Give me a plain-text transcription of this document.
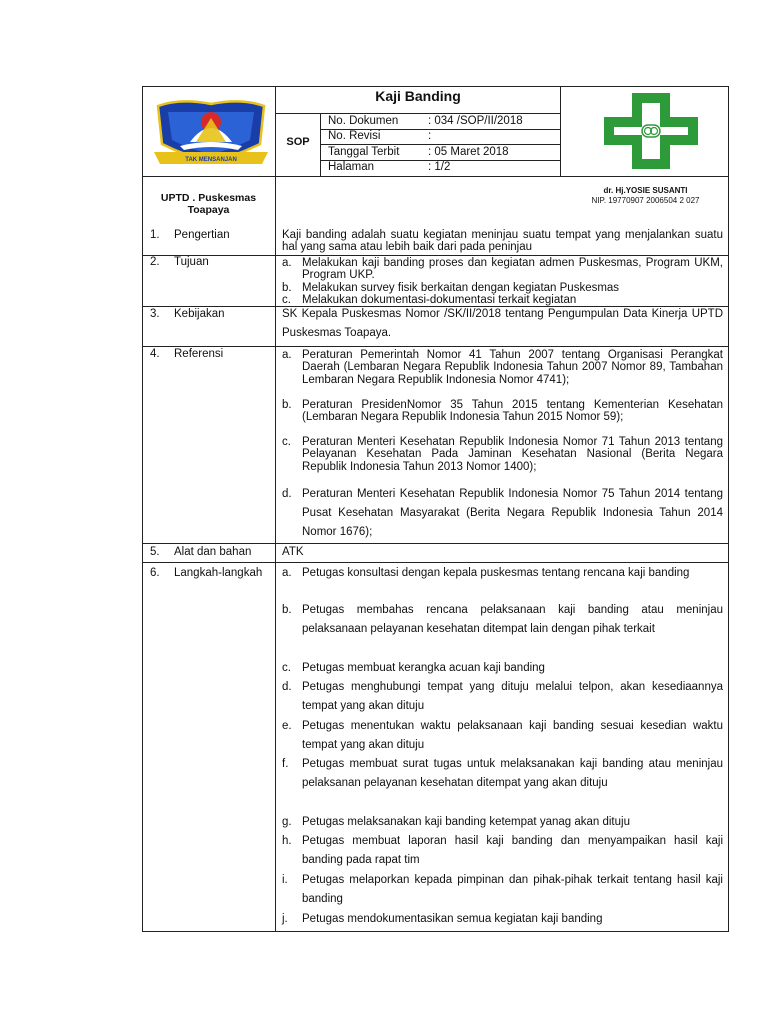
TAK MENSANJAN
UPTD . Puskesmas Toapaya
Kaji Banding
SOP
No. Dokumen	: 034 /SOP/II/2018
No. Revisi	:
Tanggal Terbit : 05 Maret 2018
Halaman	: 1/2
dr. Hj.YOSIE SUSANTI
NIP. 19770907 2006504 2 027
1. Pengertian	Kaji banding adalah suatu kegiatan meninjau suatu tempat yang menjalankan suatu hal yang sama atau lebih baik dari pada peninjau
2. Tujuan	a. Melakukan kaji banding proses dan kegiatan admen Puskesmas, Program UKM, Program UKP.
b. Melakukan survey fisik berkaitan dengan kegiatan Puskesmas
c. Melakukan dokumentasi-dokumentasi terkait kegiatan
3. Kebijakan	SK Kepala Puskesmas Nomor /SK/II/2018 tentang Pengumpulan Data Kinerja UPTD Puskesmas Toapaya.
4. Referensi	a. Peraturan Pemerintah Nomor 41 Tahun 2007 tentang Organisasi Perangkat Daerah (Lembaran Negara Republik Indonesia Tahun 2007 Nomor 89, Tambahan Lembaran Negara Republik Indonesia Nomor 4741);
b. Peraturan PresidenNomor 35 Tahun 2015 tentang Kementerian Kesehatan (Lembaran Negara Republik Indonesia Tahun 2015 Nomor 59);
c. Peraturan Menteri Kesehatan Republik Indonesia Nomor 71 Tahun 2013 tentang Pelayanan Kesehatan Pada Jaminan Kesehatan Nasional (Berita Negara Republik Indonesia Tahun 2013 Nomor 1400);
d. Peraturan Menteri Kesehatan Republik Indonesia Nomor 75 Tahun 2014 tentang Pusat Kesehatan Masyarakat (Berita Negara Republik Indonesia Tahun 2014 Nomor 1676);
5. Alat dan bahan	ATK
6. Langkah-langkah	a. Petugas konsultasi dengan kepala puskesmas tentang rencana kaji banding
b. Petugas membahas rencana pelaksanaan kaji banding atau meninjau pelaksanaan pelayanan kesehatan ditempat lain dengan pihak terkait
c. Petugas membuat kerangka acuan kaji banding
d. Petugas menghubungi tempat yang dituju melalui telpon, akan kesediaannya tempat yang akan dituju
e. Petugas menentukan waktu pelaksanaan kaji banding sesuai kesedian waktu tempat yang akan dituju
f.	Petugas membuat surat tugas untuk melaksanakan kaji banding atau meninjau pelaksanan pelayanan kesehatan ditempat yang akan dituju
g. Petugas melaksanakan kaji banding ketempat yanag akan dituju
h. Petugas membuat laporan hasil kaji banding dan menyampaikan hasil kaji banding pada rapat tim
i.	Petugas melaporkan kepada pimpinan dan pihak-pihak terkait tentang hasil kaji banding
j.	Petugas mendokumentasikan semua kegiatan kaji banding
